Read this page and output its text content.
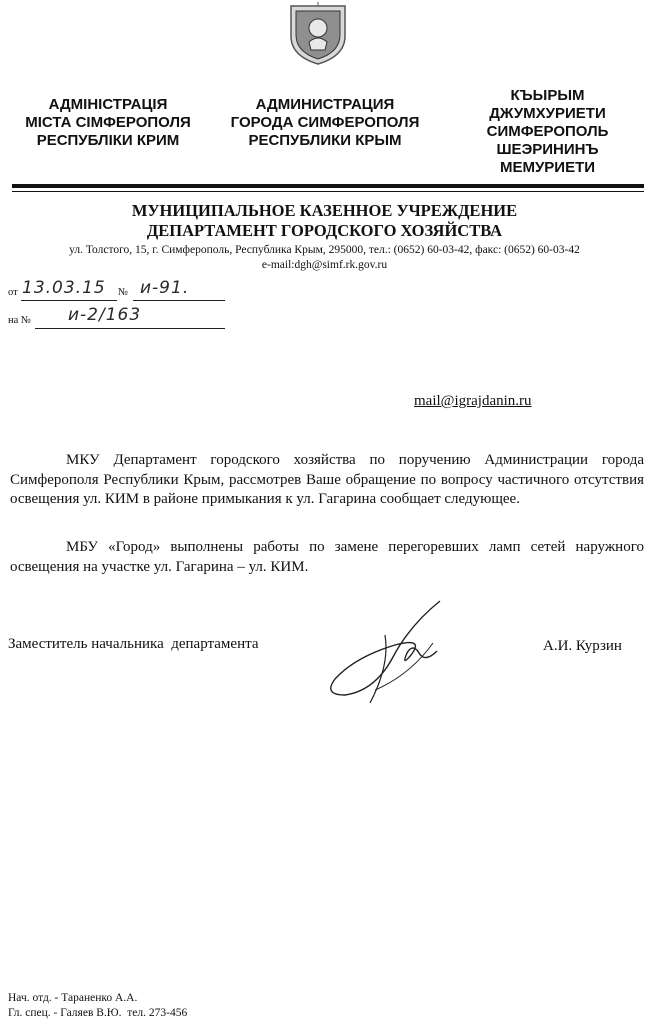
АДМІНІСТРАЦІЯ
МІСТА СІМФЕРОПОЛЯ
РЕСПУБЛІКИ КРИМ
АДМИНИСТРАЦИЯ
ГОРОДА СИМФЕРОПОЛЯ
РЕСПУБЛИКИ КРЫМ
КЪЫРЫМ
ДЖУМХУРИЕТИ
СИМФЕРОПОЛЬ
ШЕЭРИНИНЪ
МЕМУРИЕТИ
МУНИЦИПАЛЬНОЕ КАЗЕННОЕ УЧРЕЖДЕНИЕ
ДЕПАРТАМЕНТ ГОРОДСКОГО ХОЗЯЙСТВА
ул. Толстого, 15, г. Симферополь, Республика Крым, 295000, тел.: (0652) 60-03-42, факс: (0652) 60-03-42
e-mail:dgh@simf.rk.gov.ru
от 13.03.15 № и-91.
на № и-2/163
mail@igrajdanin.ru
МКУ Департамент городского хозяйства по поручению Администрации города Симферополя Республики Крым, рассмотрев Ваше обращение по вопросу частичного отсутствия освещения ул. КИМ в районе примыкания к ул. Гагарина сообщает следующее.
МБУ «Город» выполнены работы по замене перегоревших ламп сетей наружного освещения на участке ул. Гагарина – ул. КИМ.
Заместитель начальника  департамента	А.И. Курзин
Нач. отд. - Тараненко А.А.
Гл. спец. - Галяев В.Ю.  тел. 273-456
